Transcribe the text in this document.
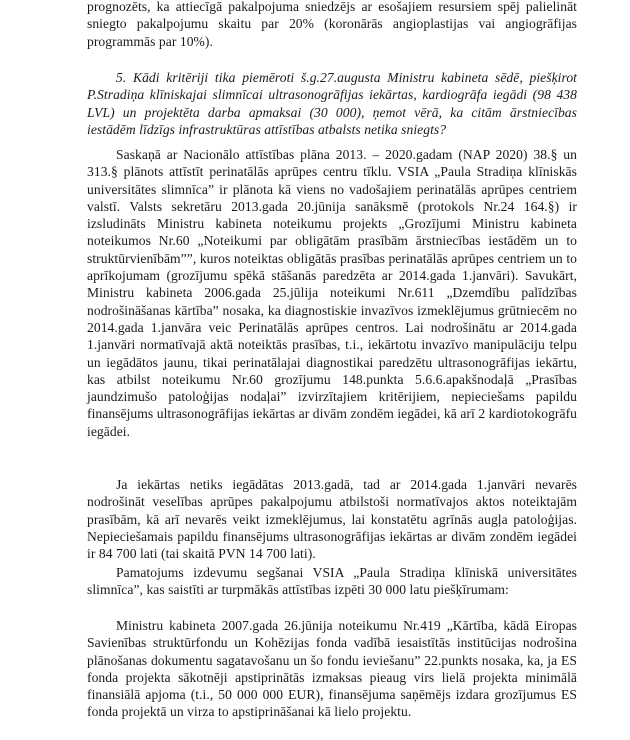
prognozēts, ka attiecīgā pakalpojuma sniedzējs ar esošajiem resursiem spēj palielināt sniegto pakalpojumu skaitu par 20% (koronārās angioplastijas vai angiogrāfijas programmās par 10%).

5. Kādi kritēriji tika piemēroti š.g.27.augusta Ministru kabineta sēdē, piešķirot P.Stradiņa klīniskajai slimnīcai ultrasonogrāfijas iekārtas, kardiogrāfa iegādi (98 438 LVL) un projektēta darba apmaksai (30 000), ņemot vērā, ka citām ārstniecības iestādēm līdzīgs infrastruktūras attīstības atbalsts netika sniegts?

Saskaņā ar Nacionālo attīstības plāna 2013. – 2020.gadam (NAP 2020) 38.§ un 313.§ plānots attīstīt perinatālās aprūpes centru tīklu. VSIA „Paula Stradiņa klīniskās universitātes slimnīca” ir plānota kā viens no vadošajiem perinatālās aprūpes centriem valstī. Valsts sekretāru 2013.gada 20.jūnija sanāksmē (protokols Nr.24 164.§) ir izsludināts Ministru kabineta noteikumu projekts „Grozījumi Ministru kabineta noteikumos Nr.60 „Noteikumi par obligātām prasībām ārstniecības iestādēm un to struktūrvienībām””, kuros noteiktas obligātās prasības perinatālās aprūpes centriem un to aprīkojumam (grozījumu spēkā stāšanās paredzēta ar 2014.gada 1.janvāri). Savukārt, Ministru kabineta 2006.gada 25.jūlija noteikumi Nr.611 „Dzemdību palīdzības nodrošināšanas kārtība” nosaka, ka diagnostiskie invazīvos izmeklējumus grūtniecēm no 2014.gada 1.janvāra veic Perinatālās aprūpes centros. Lai nodrošinātu ar 2014.gada 1.janvāri normatīvajā aktā noteiktās prasības, t.i., iekārtotu invazīvo manipulāciju telpu un iegādātos jaunu, tikai perinatālajai diagnostikai paredzētu ultrasonogrāfijas iekārtu, kas atbilst noteikumu Nr.60 grozījumu 148.punkta 5.6.6.apakšnodaļā „Prasības jaundzimušo patoloģijas nodaļai” izvirzītajiem kritērijiem, nepieciešams papildu finansējums ultrasonogrāfijas iekārtas ar divām zondēm iegādei, kā arī 2 kardiotokogrāfu iegādei.

Ja iekārtas netiks iegādātas 2013.gadā, tad ar 2014.gada 1.janvāri nevarēs nodrošināt veselības aprūpes pakalpojumu atbilstoši normatīvajos aktos noteiktajām prasībām, kā arī nevarēs veikt izmeklējumus, lai konstatētu agrīnās augļa patoloģijas. Nepieciešamais papildu finansējums ultrasonogrāfijas iekārtas ar divām zondēm iegādei ir 84 700 lati (tai skaitā PVN 14 700 lati).

Pamatojums izdevumu segšanai VSIA „Paula Stradiņa klīniskā universitātes slimnīca”, kas saistīti ar turpmākās attīstības izpēti 30 000 latu piešķīrumam:

Ministru kabineta 2007.gada 26.jūnija noteikumu Nr.419 „Kārtība, kādā Eiropas Savienības struktūrfondu un Kohēzijas fonda vadībā iesaistītās institūcijas nodrošina plānošanas dokumentu sagatavošanu un šo fondu ieviešanu” 22.punkts nosaka, ka, ja ES fonda projekta sākotnēji apstiprinātās izmaksas pieaug virs lielā projekta minimālā finansiālā apjoma (t.i., 50 000 000 EUR), finansējuma saņēmējs izdara grozījumus ES fonda projektā un virza to apstiprināšanai kā lielo projektu.
